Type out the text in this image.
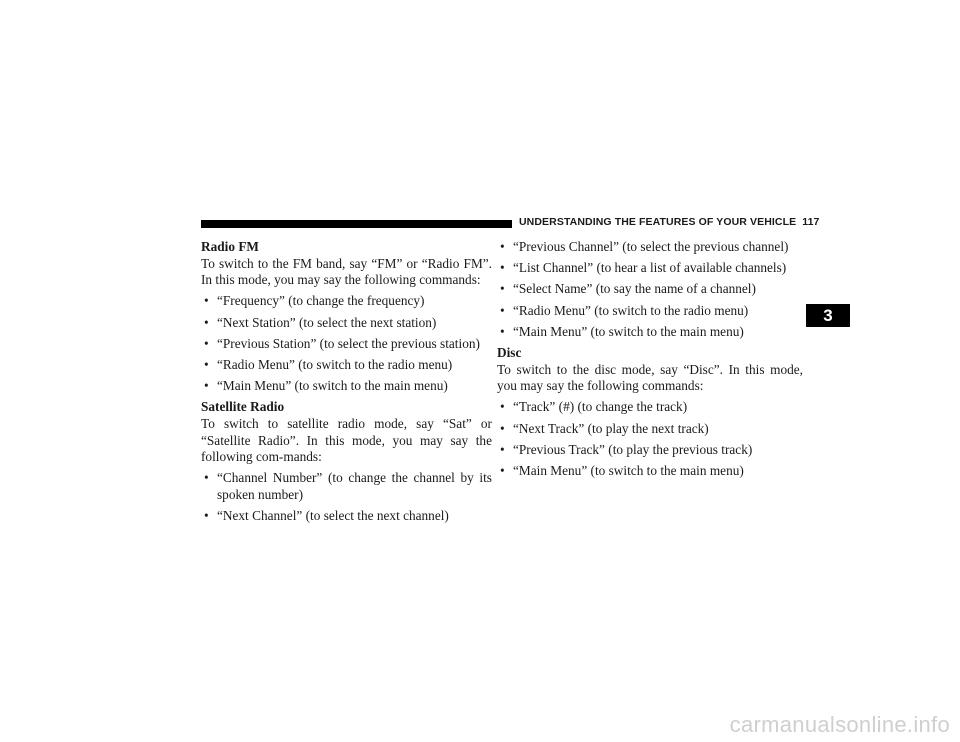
UNDERSTANDING THE FEATURES OF YOUR VEHICLE 117
3

Radio FM

To switch to the FM band, say “FM” or “Radio FM”. In this mode, you may say the following commands:

• “Frequency” (to change the frequency)
• “Next Station” (to select the next station)
• “Previous Station” (to select the previous station)
• “Radio Menu” (to switch to the radio menu)
• “Main Menu” (to switch to the main menu)

Satellite Radio

To switch to satellite radio mode, say “Sat” or “Satellite Radio”. In this mode, you may say the following com-mands:

• “Channel Number” (to change the channel by its spoken number)
• “Next Channel” (to select the next channel)
• “Previous Channel” (to select the previous channel)
• “List Channel” (to hear a list of available channels)
• “Select Name” (to say the name of a channel)
• “Radio Menu” (to switch to the radio menu)
• “Main Menu” (to switch to the main menu)

Disc

To switch to the disc mode, say “Disc”. In this mode, you may say the following commands:

• “Track” (#) (to change the track)
• “Next Track” (to play the next track)
• “Previous Track” (to play the previous track)
• “Main Menu” (to switch to the main menu)
carmanualsonline.info
